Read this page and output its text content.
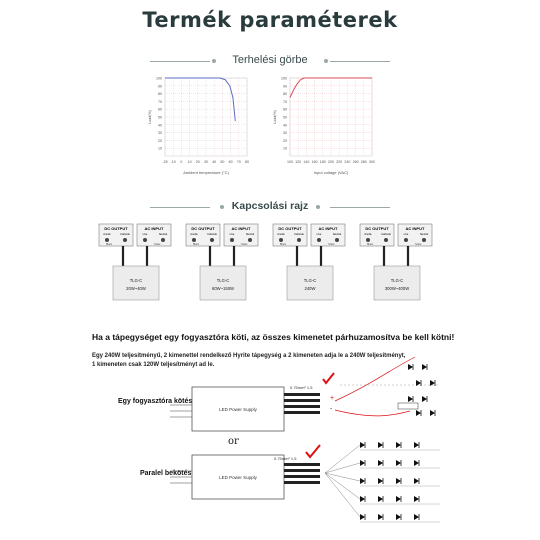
Termék paraméterek
Terhelési görbe
-25 -10 0 10 20 30 40 50 60 70 80
100
90
80
70
60
50
40
30
20
10
Load(%)
Ambient temperature (°C)
100 120 140 160 180 200 220 240 260 280 300
100
90
80
70
60
50
40
30
20
10
Load(%)
Input voltage (VAC)
Kapcsolási rajz
DC OUTPUT	AC INPUT
Anode	Cathode	Live	Neutral
Black	Yellow
TLG-C
20W~40W
DC OUTPUT	AC INPUT
Anode	Cathode	Live	Neutral
Black	Yellow
TLG-C
60W~150W
DC OUTPUT	AC INPUT
Anode	Cathode	Live	Neutral
Black	Yellow
TLG-C
240W
DC OUTPUT	AC INPUT
Anode	Cathode	Live	Neutral
Black	Yellow
TLG-C
300W~400W
Ha a tápegységet egy fogyasztóra köti, az összes kimenetet párhuzamosítva be kell kötni!
Egy 240W teljesítményű, 2 kimenettel rendelkező Hyrite tápegység a 2 kimeneten adja le a 240W teljesítményt,
1 kimeneten csak 120W teljesítményt ad le.
Egy fogyasztóra kötés
Paralel bekötés
or
LED Power Supply
0.75mm² 1.5
+
-
LED Power Supply
0.75mm² 1.5
